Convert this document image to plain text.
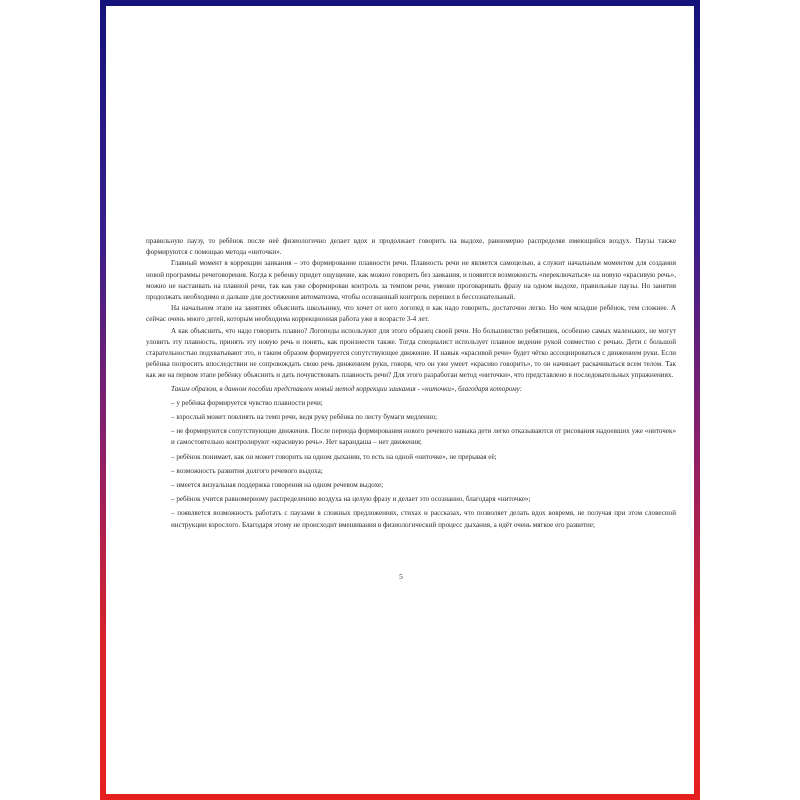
правильную паузу, то ребёнок после неё физиологично делает вдох и продолжает говорить на выдохе, равномерно распределяя имеющийся воздух. Паузы также формируются с помощью метода «ниточки».

Главный момент в коррекции заикания – это формирование плавности речи. Плавность речи не является самоцелью, а служит начальным моментом для создания новой программы речеговорения. Когда к ребенку придет ощущение, как можно говорить без заикания, и появится возможность «переключаться» на новую «красивую речь», можно не настаивать на плавной речи, так как уже сформирован контроль за темпом речи, умение проговаривать фразу на одном выдохе, правильные паузы. Но занятия продолжать необходимо и дальше для достижения автоматизма, чтобы осознанный контроль перешел в бессознательный.

На начальном этапе на занятиях объяснить школьнику, что хочет от него логопед и как надо говорить, достаточно легко. Но чем младше ребёнок, тем сложнее. А сейчас очень много детей, которым необходима коррекционная работа уже в возрасте 3-4 лет.

А как объяснить, что надо говорить плавно? Логопеды используют для этого образец своей речи. Но большинство ребятишек, особенно самых маленьких, не могут уловить эту плавность, принять эту новую речь и понять, как произнести также. Тогда специалист использует плавное ведение рукой совместно с речью. Дети с большой старательностью подхватывают это, и таким образом формируется сопутствующее движение. И навык «красивой речи» будет чётко ассоциироваться с движением руки. Если ребёнка попросить впоследствии не сопровождать свою речь движением руки, говоря, что он уже умеет «красиво говорить», то он начинает раскачиваться всем телом. Так как же на первом этапе ребёнку объяснить и дать почувствовать плавность речи? Для этого разработан метод «ниточки», что представлено в последовательных упражнениях.

Таким образом, в данном пособии представлен новый метод коррекции заикания - «ниточки», благодаря которому:

– у ребёнка формируется чувство плавности речи;

– взрослый может повлиять на темп речи, ведя руку ребёнка по листу бумаги медленно;

– не формируются сопутствующие движения. После периода формирования нового речевого навыка дети легко отказываются от рисования надоевших уже «ниточек» и самостоятельно контролируют «красивую речь». Нет карандаша – нет движения;

– ребёнок понимает, как он может говорить на одном дыхании, то есть на одной «ниточке», не прерывая её;

– возможность развития долгого речевого выдоха;

– имеется визуальная поддержка говорения на одном речевом выдохе;

– ребёнок учится равномерному распределению воздуха на целую фразу и делает это осознанно, благодаря «ниточке»;

– появляется возможность работать с паузами в сложных предложениях, стихах и рассказах, что позволяет делать вдох вовремя, не получая при этом словесной инструкции взрослого. Благодаря этому не происходит вмешивания в физиологический процесс дыхания, а идёт очень мягкое его развитие;

5
